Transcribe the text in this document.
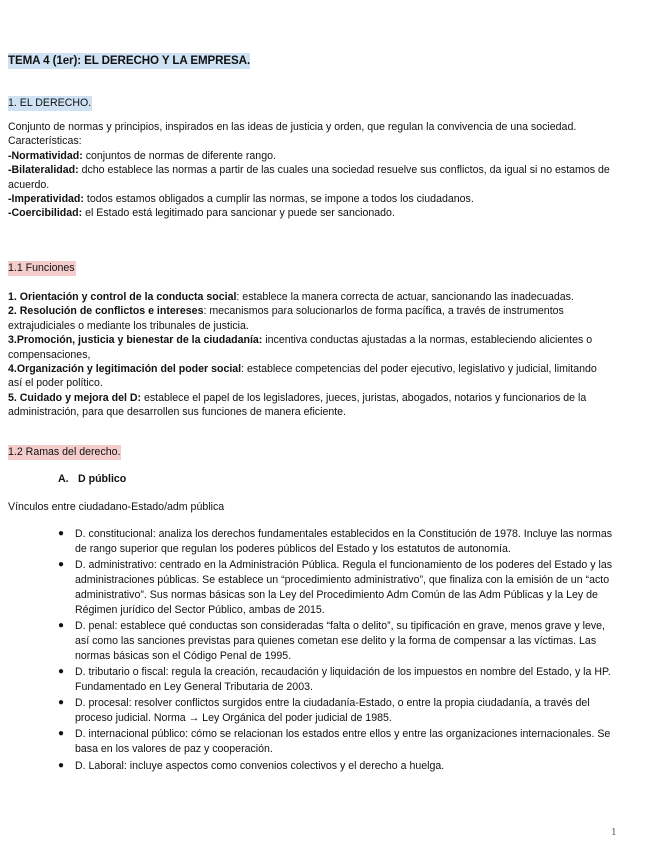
TEMA 4 (1er): EL DERECHO Y LA EMPRESA.
1. EL DERECHO.
Conjunto de normas y principios, inspirados en las ideas de justicia y orden, que regulan la convivencia de una sociedad.
Características:
-Normatividad: conjuntos de normas de diferente rango.
-Bilateralidad: dcho establece las normas a partir de las cuales una sociedad resuelve sus conflictos, da igual si no estamos de acuerdo.
-Imperatividad: todos estamos obligados a cumplir las normas, se impone a todos los ciudadanos.
-Coercibilidad: el Estado está legitimado para sancionar y puede ser sancionado.
1.1 Funciones
1. Orientación y control de la conducta social: establece la manera correcta de actuar, sancionando las inadecuadas.
2. Resolución de conflictos e intereses: mecanismos para solucionarlos de forma pacífica, a través de instrumentos extrajudiciales o mediante los tribunales de justicia.
3.Promoción, justicia y bienestar de la ciudadanía: incentiva conductas ajustadas a la normas, estableciendo alicientes o compensaciones,
4.Organización y legitimación del poder social: establece competencias del poder ejecutivo, legislativo y judicial, limitando así el poder político.
5. Cuidado y mejora del D: establece el papel de los legisladores, jueces, juristas, abogados, notarios y funcionarios de la administración, para que desarrollen sus funciones de manera eficiente.
1.2 Ramas del derecho.
A. D público
Vínculos entre ciudadano-Estado/adm pública
● D. constitucional: analiza los derechos fundamentales establecidos en la Constitución de 1978. Incluye las normas de rango superior que regulan los poderes públicos del Estado y los estatutos de autonomía.
● D. administrativo: centrado en la Administración Pública. Regula el funcionamiento de los poderes del Estado y las administraciones públicas. Se establece un “procedimiento administrativo”, que finaliza con la emisión de un “acto administrativo”. Sus normas básicas son la Ley del Procedimiento Adm Común de las Adm Públicas y la Ley de Régimen jurídico del Sector Público, ambas de 2015.
● D. penal: establece qué conductas son consideradas “falta o delito”, su tipificación en grave, menos grave y leve, así como las sanciones previstas para quienes cometan ese delito y la forma de compensar a las víctimas. Las normas básicas son el Código Penal de 1995.
● D. tributario o fiscal: regula la creación, recaudación y liquidación de los impuestos en nombre del Estado, y la HP. Fundamentado en Ley General Tributaria de 2003.
● D. procesal: resolver conflictos surgidos entre la ciudadanía-Estado, o entre la propia ciudadanía, a través del proceso judicial. Norma → Ley Orgánica del poder judicial de 1985.
● D. internacional público: cómo se relacionan los estados entre ellos y entre las organizaciones internacionales. Se basa en los valores de paz y cooperación.
● D. Laboral: incluye aspectos como convenios colectivos y el derecho a huelga.
1
